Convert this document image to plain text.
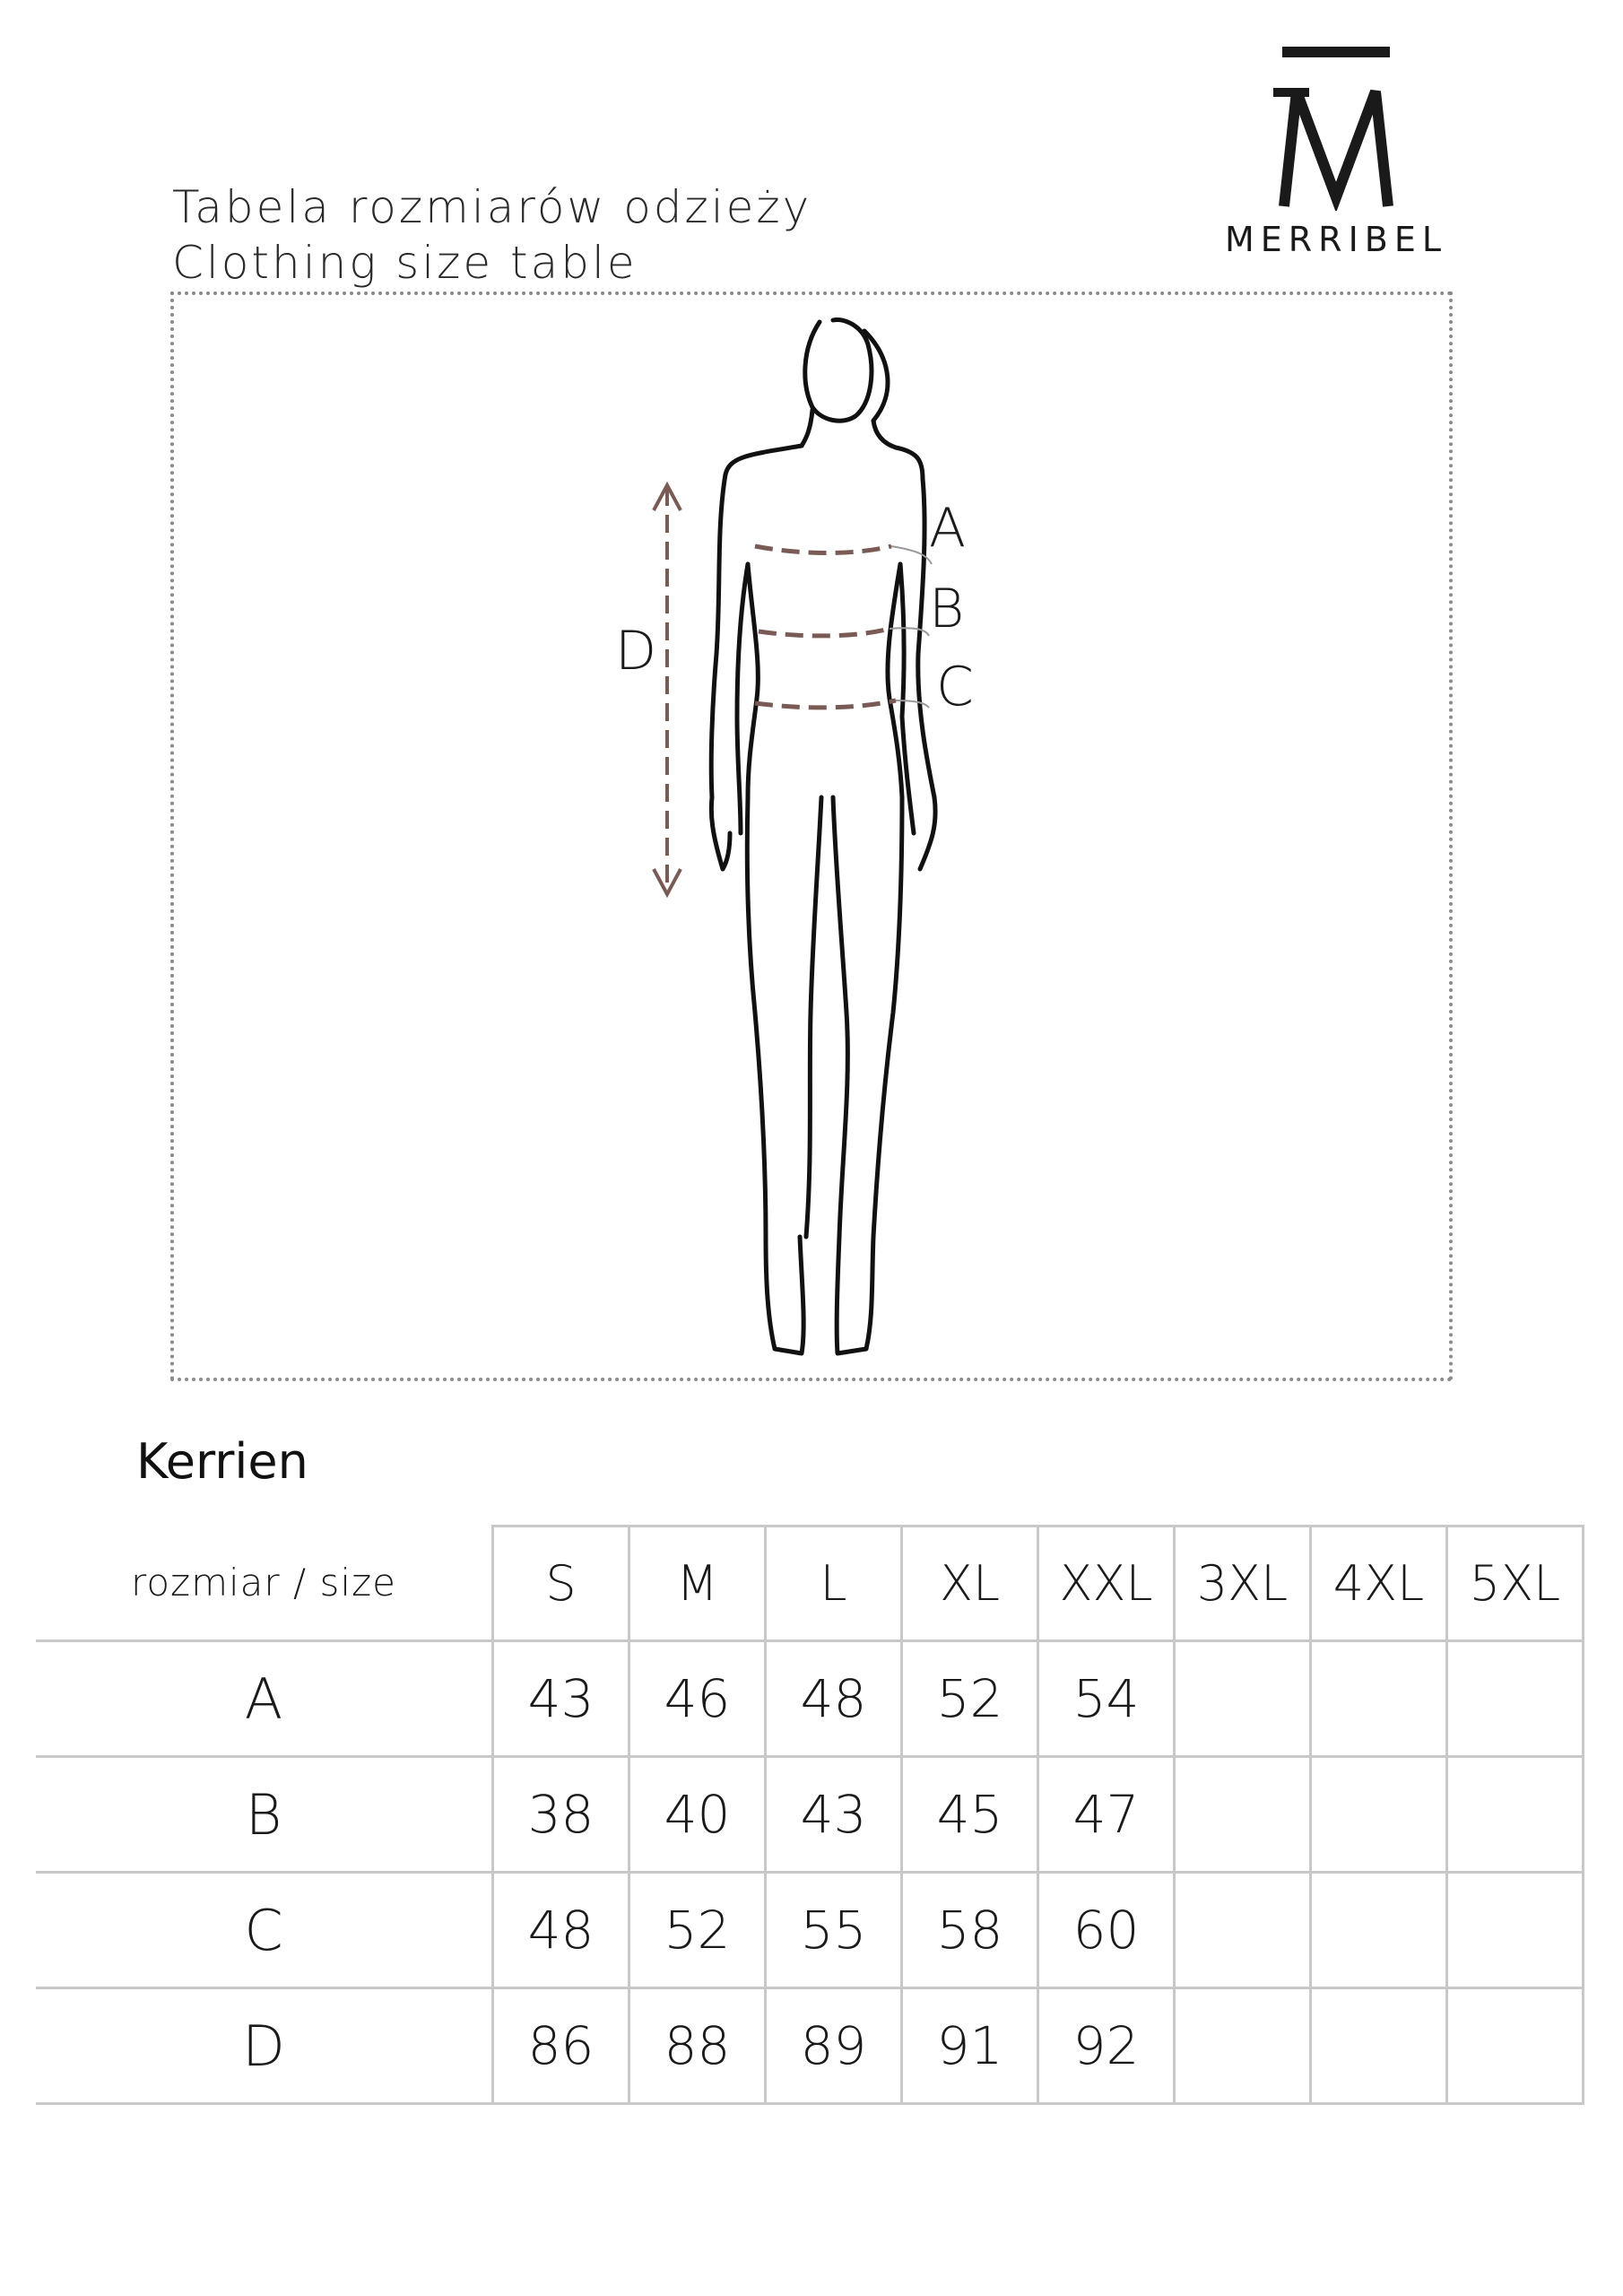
Tabela rozmiarów odzieży
Clothing size table	MERRIBEL
A
B
C
D
Kerrien
rozmiar / size	S	M	L	XL	XXL	3XL	4XL	5XL
A	43	46	48	52	54			
B	38	40	43	45	47			
C	48	52	55	58	60			
D	86	88	89	91	92			
